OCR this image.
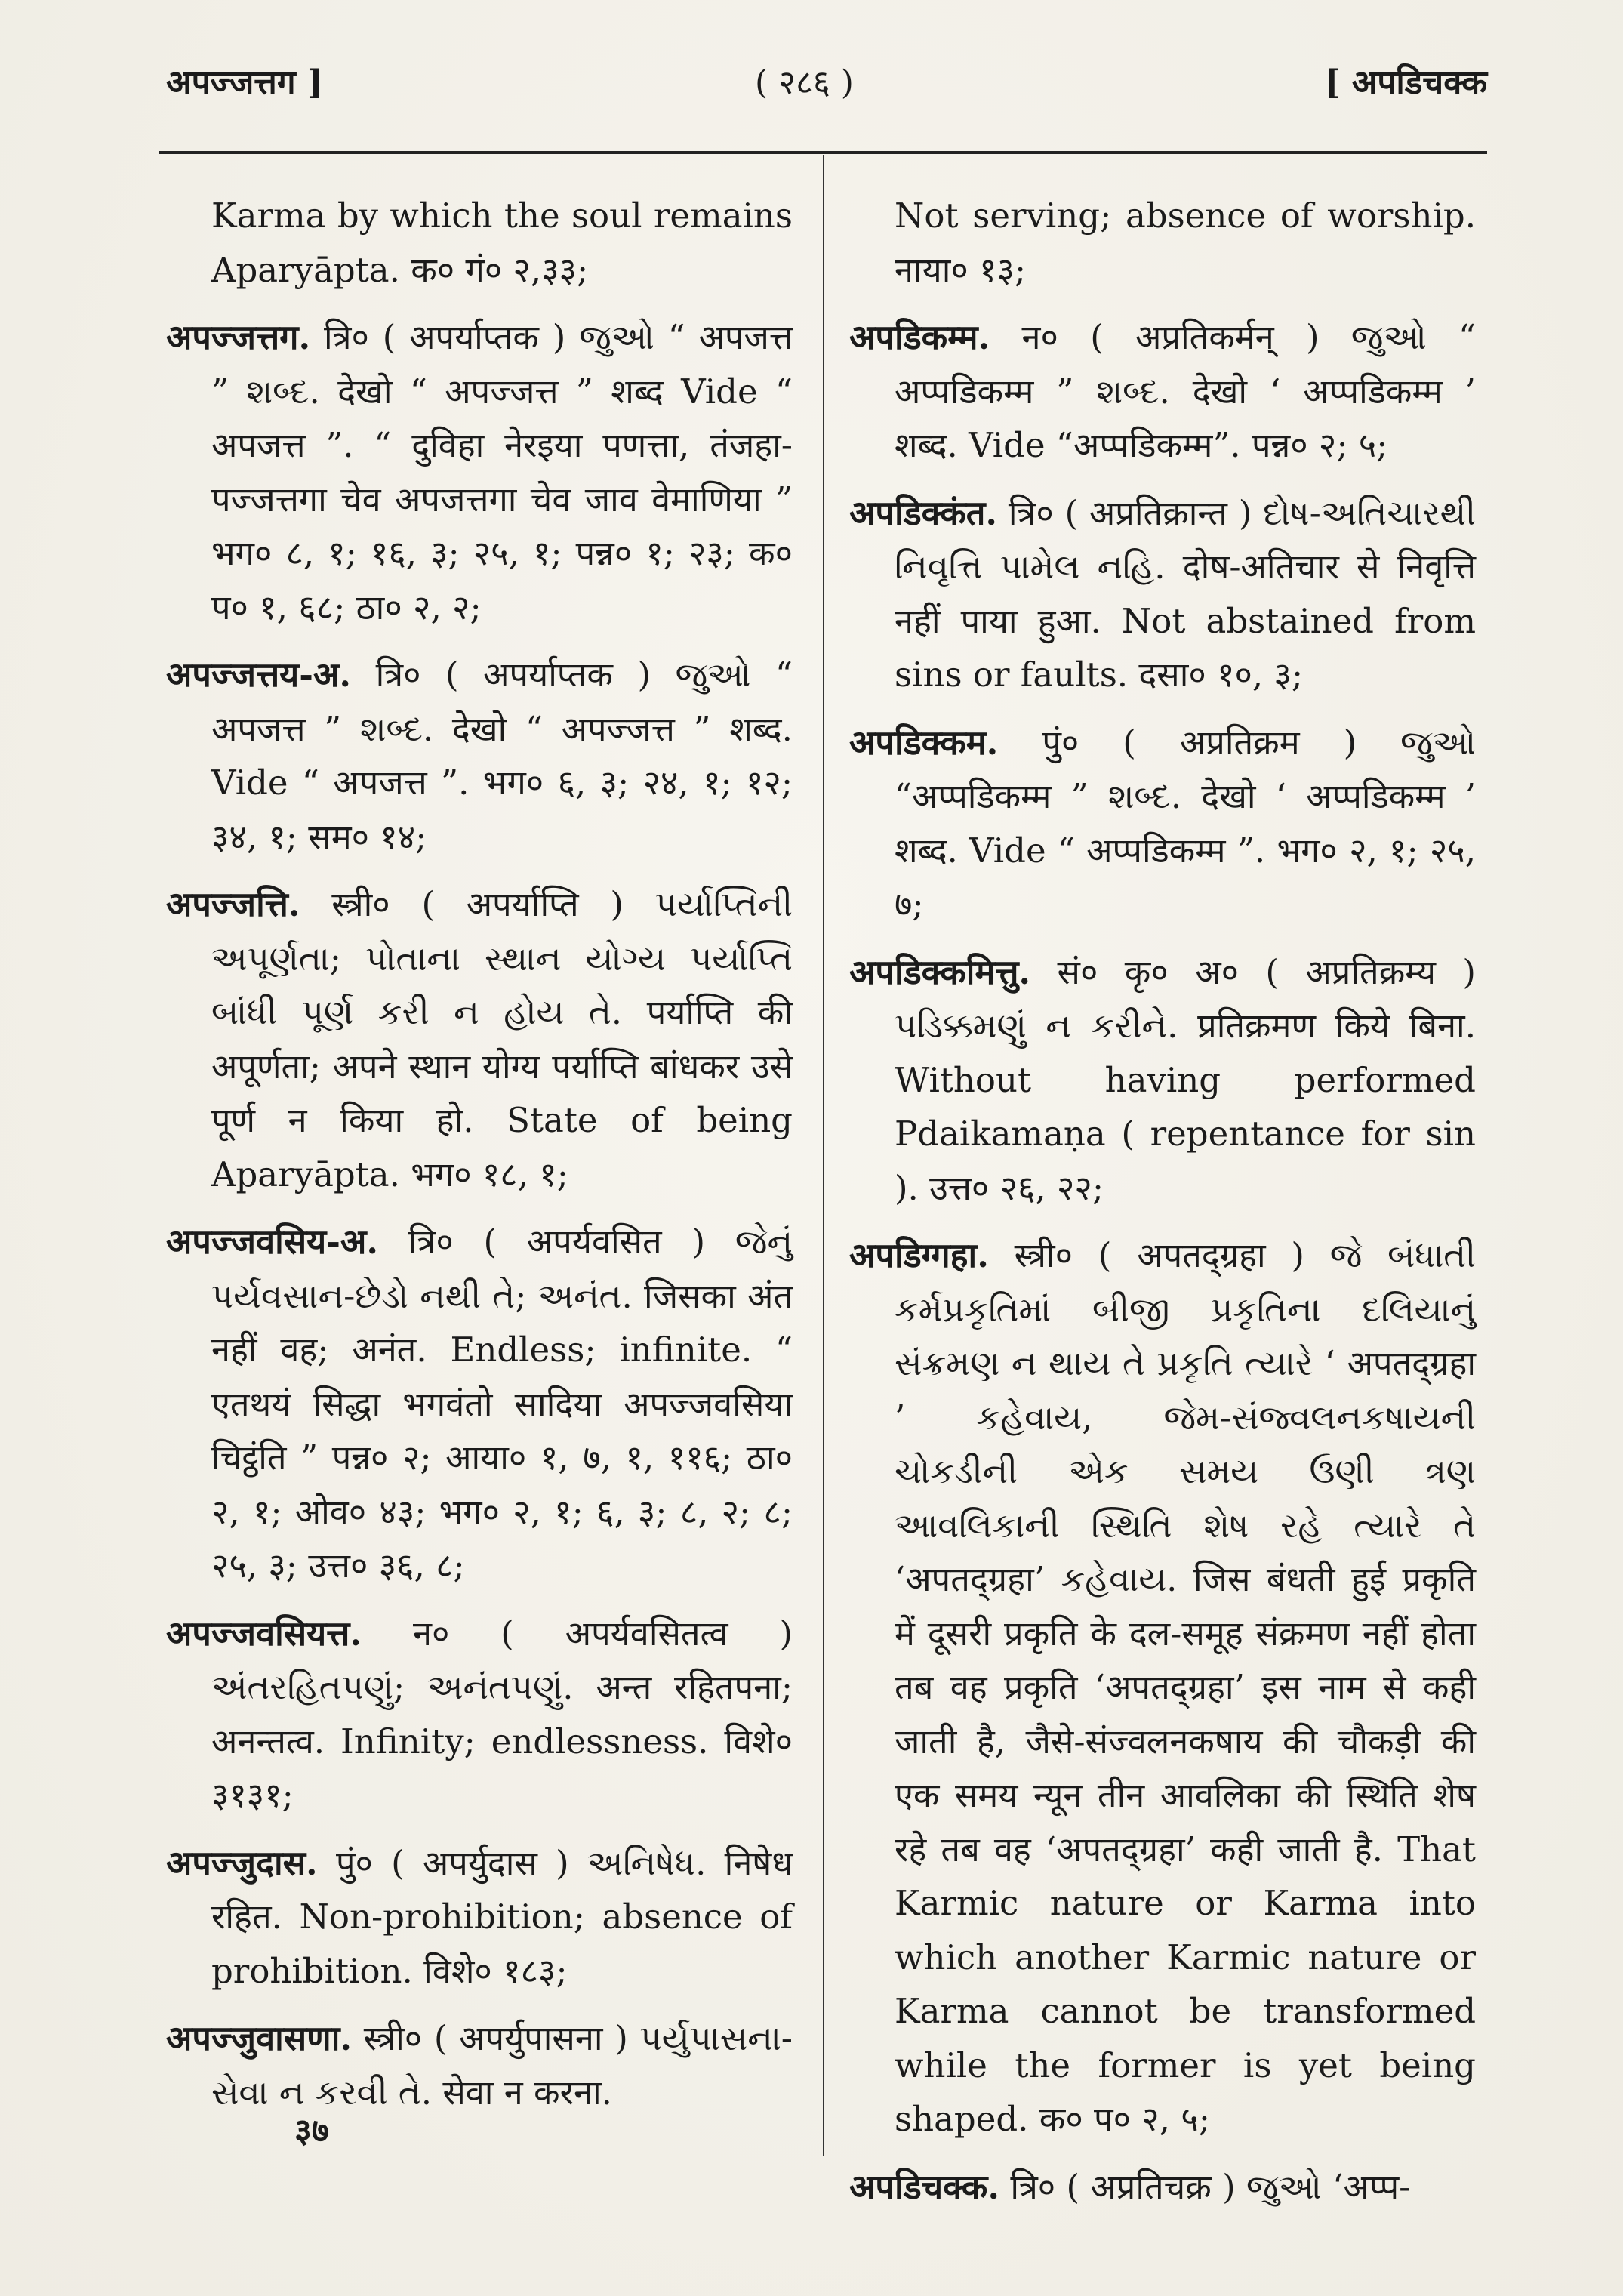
अपज्जत्तग ]	( २८६ )	[ अपडिचक्क

Karma by which the soul remains Aparyāpta. क० गं० २,३३;

अपज्जत्तग. त्रि० ( अपर्याप्तक ) જુઓ “ अपजत्त ” શબ્દ. देखो “ अपज्जत्त ” शब्द Vide “ अपजत्त ”. “ दुविहा नेरइया पणत्ता, तंजहा-पज्जत्तगा चेव अपजत्तगा चेव जाव वेमाणिया ” भग० ८, १; १६, ३; २५, १; पन्न० १; २३; क० प० १, ६८; ठा० २, २;

अपज्जत्तय-अ. त्रि० ( अपर्याप्तक ) જુઓ “ अपजत्त ” શબ્દ. देखो “ अपज्जत्त ” शब्द. Vide “ अपजत्त ”. भग० ६, ३; २४, १; १२; ३४, १; सम० १४;

अपज्जत्ति. स्त्री० ( अपर्याप्ति ) પર્યાપ્તિની અપૂર્ણતા; પોતાના સ્થાન યોગ્ય પર્યાપ્તિ બાંધી પૂર્ણ કરી ન હોય તે. पर्याप्ति की अपूर्णता; अपने स्थान योग्य पर्याप्ति बांधकर उसे पूर्ण न किया हो. State of being Aparyāpta. भग० १८, १;

अपज्जवसिय-अ. त्रि० ( अपर्यवसित ) જેનું પર્યવસાન-છેડો નથી તે; અનંત. जिसका अंत नहीं वह; अनंत. Endless; infinite. “ एतथयं सिद्धा भगवंतो सादिया अपज्जवसिया चिट्ठंति ” पन्न० २; आया० १, ७, १, ११६; ठा० २, १; ओव० ४३; भग० २, १; ६, ३; ८, २; ८; २५, ३; उत्त० ३६, ८;

अपज्जवसियत्त. न० ( अपर्यवसितत्व ) અંતરહિતપણું; અનંતપણું. अन्त रहितपना; अनन्तत्व. Infinity; endlessness. विशे० ३१३१;

अपज्जुदास. पुं० ( अपर्युदास ) અનિષેધ. निषेध रहित. Non-prohibition; absence of prohibition. विशे० १८३;

अपज्जुवासणा. स्त्री० ( अपर्युपासना ) પર્યુપાસના-સેવા ન કરવી તે. सेवा न करना.

Not serving; absence of worship. नाया० १३;

अपडिकम्म. न० ( अप्रतिकर्मन् ) જુઓ “ अप्पडिकम्म ” શબ્દ. देखो ‘ अप्पडिकम्म ’ शब्द. Vide “अप्पडिकम्म”. पन्न० २; ५;

अपडिक्कंत. त्रि० ( अप्रतिक्रान्त ) દોષ-અતિચારથી નિવૃત્તિ પામેલ નહિ. दोष-अतिचार से निवृत्ति नहीं पाया हुआ. Not abstained from sins or faults. दसा० १०, ३;

अपडिक्कम. पुं० ( अप्रतिक्रम ) જુઓ “अप्पडिकम्म ” શબ્દ. देखो ‘ अप्पडिकम्म ’ शब्द. Vide “ अप्पडिकम्म ”. भग० २, १; २५, ७;

अपडिक्कमित्तु. सं० कृ० अ० ( अप्रतिक्रम्य ) પડિક્કમણું ન કરીને. प्रतिक्रमण किये बिना. Without having performed Pdaikamaṇa ( repentance for sin ). उत्त० २६, २२;

अपडिग्गहा. स्त्री० ( अपतद्ग्रहा ) જે બંધાતી કર્મપ્રકૃતિમાં બીજી પ્રકૃતિના દલિયાનું સંક્રમણ ન થાય તે પ્રકૃતિ ત્યારે ‘ अपतद्ग्रहा ’ કહેવાય, જેમ-સંજ્વલનકષાયની ચોકડીની એક સમય ઉણી ત્રણ આવલિકાની સ્થિતિ શેષ રહે ત્યારે તે ‘अपतद्ग्रहा’ કહેવાય. जिस बंधती हुई प्रकृति में दूसरी प्रकृति के दल-समूह संक्रमण नहीं होता तब वह प्रकृति ‘अपतद्ग्रहा’ इस नाम से कही जाती है, जैसे-संज्वलनकषाय की चौकड़ी की एक समय न्यून तीन आवलिका की स्थिति शेष रहे तब वह ‘अपतद्ग्रहा’ कही जाती है. That Karmic nature or Karma into which another Karmic nature or Karma cannot be transformed while the former is yet being shaped. क० प० २, ५;

अपडिचक्क. त्रि० ( अप्रतिचक्र ) જુઓ ‘अप्प-

३७
